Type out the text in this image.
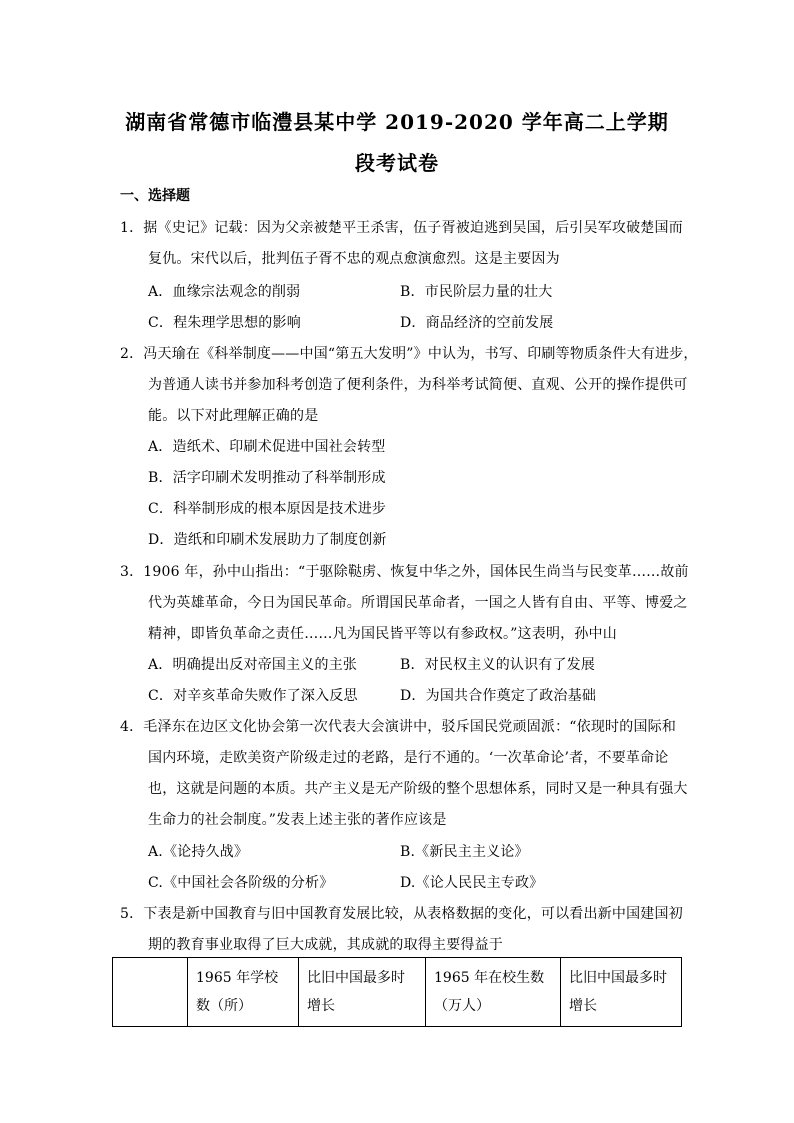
湖南省常德市临澧县某中学 2019-2020 学年高二上学期
段考试卷
一、选择题
1．据《史记》记载：因为父亲被楚平王杀害，伍子胥被迫逃到吴国，后引吴军攻破楚国而
复仇。宋代以后，批判伍子胥不忠的观点愈演愈烈。这是主要因为
A．血缘宗法观念的削弱	B．市民阶层力量的壮大
C．程朱理学思想的影响	D．商品经济的空前发展
2．冯天瑜在《科举制度——中国“第五大发明”》中认为，书写、印刷等物质条件大有进步，
为普通人读书并参加科考创造了便利条件，为科举考试简便、直观、公开的操作提供可
能。以下对此理解正确的是
A．造纸术、印刷术促进中国社会转型
B．活字印刷术发明推动了科举制形成
C．科举制形成的根本原因是技术进步
D．造纸和印刷术发展助力了制度创新
3．1906 年，孙中山指出：“于驱除鞑虏、恢复中华之外，国体民生尚当与民变革……故前
代为英雄革命，今日为国民革命。所谓国民革命者，一国之人皆有自由、平等、博爱之
精神，即皆负革命之责任……凡为国民皆平等以有参政权。”这表明，孙中山
A．明确提出反对帝国主义的主张	B．对民权主义的认识有了发展
C．对辛亥革命失败作了深入反思	D．为国共合作奠定了政治基础
4．毛泽东在边区文化协会第一次代表大会演讲中，驳斥国民党顽固派：“依现时的国际和
国内环境，走欧美资产阶级走过的老路，是行不通的。‘一次革命论’者，不要革命论
也，这就是问题的本质。共产主义是无产阶级的整个思想体系，同时又是一种具有强大
生命力的社会制度。”发表上述主张的著作应该是
A.《论持久战》	B.《新民主主义论》
C.《中国社会各阶级的分析》	D.《论人民民主专政》
5．下表是新中国教育与旧中国教育发展比较，从表格数据的变化，可以看出新中国建国初
期的教育事业取得了巨大成就，其成就的取得主要得益于
	1965 年学校数（所）	比旧中国最多时增长	1965 年在校生数（万人）	比旧中国最多时增长
